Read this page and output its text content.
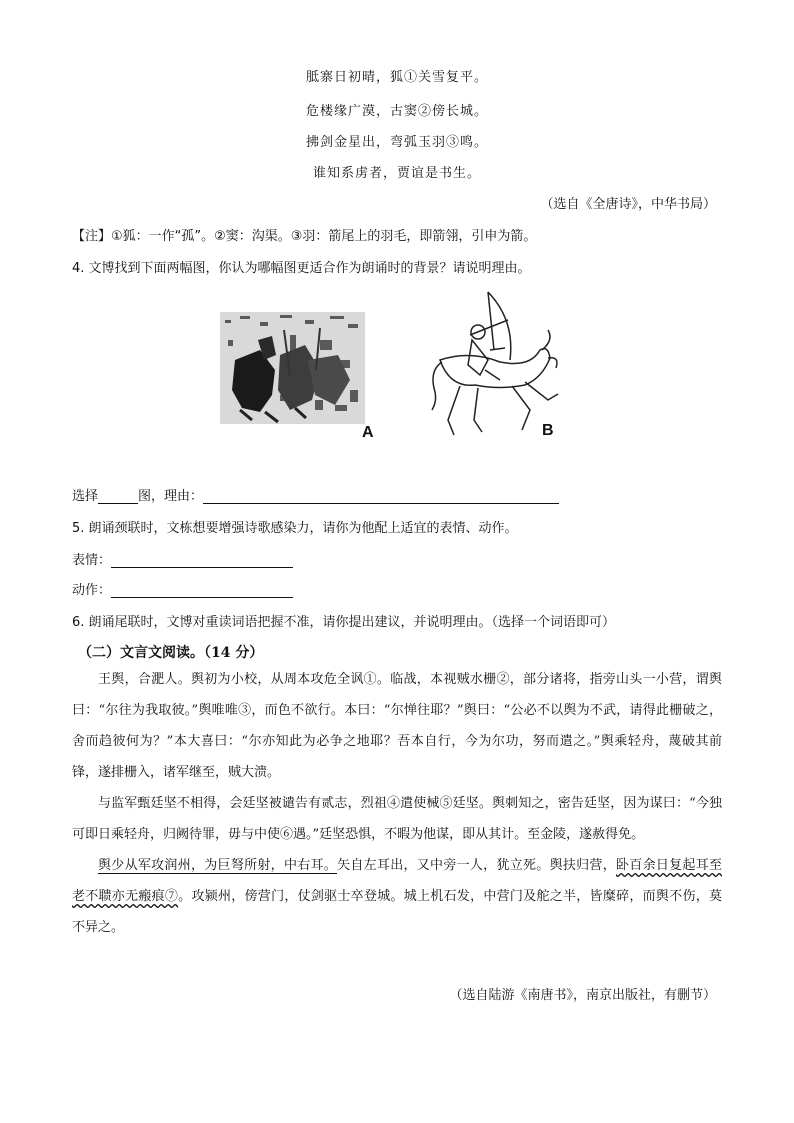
胝寨日初晴，狐①关雪复平。
危楼缘广漠，古窦②傍长城。
拂剑金星出，弯弧玉羽③鸣。
谁知系虏者，贾谊是书生。
（选自《全唐诗》，中华书局）
【注】①狐：一作“孤”。②窦：沟渠。③羽：箭尾上的羽毛，即箭翎，引申为箭。
4. 文博找到下面两幅图，你认为哪幅图更适合作为朗诵时的背景？请说明理由。
A	B
选择	图，理由：
5. 朗诵颈联时，文栋想要增强诗歌感染力，请你为他配上适宜的表情、动作。
表情：
动作：
6. 朗诵尾联时，文博对重读词语把握不准，请你提出建议，并说明理由。（选择一个词语即可）
（二）文言文阅读。（14 分）

王舆，合淝人。舆初为小校，从周本攻危全讽①。临战，本视贼水栅②，部分诸将，指旁山头一小营，谓舆曰：“尔往为我取彼。”舆唯唯③，而色不欲行。本曰：“尔惮往耶？”舆曰：“公必不以舆为不武，请得此栅破之，舍而趋彼何为？”本大喜曰：“尔亦知此为必争之地耶？吾本自行，今为尔功，努而遣之。”舆乘轻舟，蔑破其前锋，遂排栅入，诸军继至，贼大溃。

与监军甄廷坚不相得，会廷坚被谴告有贰志，烈祖④遣使械⑤廷坚。舆刺知之，密告廷坚，因为谋曰：“今独可即日乘轻舟，归阙待罪，毋与中使⑥遇。”廷坚恐惧，不暇为他谋，即从其计。至金陵，遂赦得免。

舆少从军攻润州，为巨弩所射，中右耳。矢自左耳出，又中旁一人，犹立死。舆扶归营，卧百余日复起耳至老不聩亦无瘢痕⑦。攻颍州，傍营门，仗剑驱士卒登城。城上机石发，中营门及舵之半，皆糜碎，而舆不伤，莫不异之。

（选自陆游《南唐书》，南京出版社，有删节）
